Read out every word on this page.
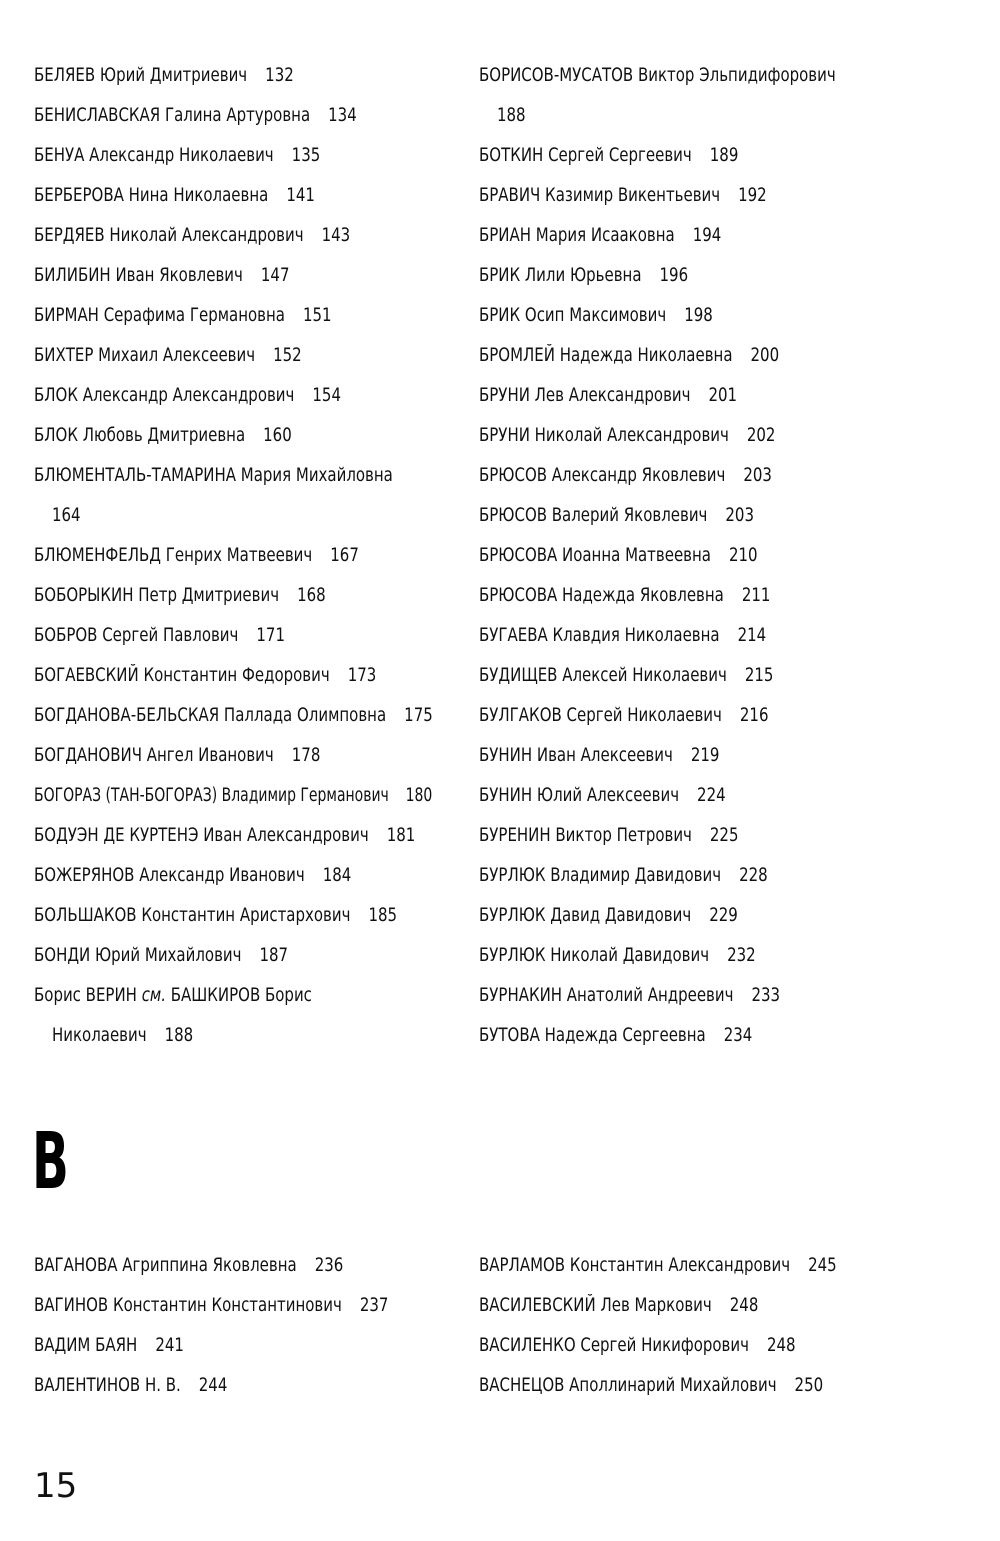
БЕЛЯЕВ Юрий Дмитриевич 132
БЕНИСЛАВСКАЯ Галина Артуровна 134
БЕНУА Александр Николаевич 135
БЕРБЕРОВА Нина Николаевна 141
БЕРДЯЕВ Николай Александрович 143
БИЛИБИН Иван Яковлевич 147
БИРМАН Серафима Германовна 151
БИХТЕР Михаил Алексеевич 152
БЛОК Александр Александрович 154
БЛОК Любовь Дмитриевна 160
БЛЮМЕНТАЛЬ-ТАМАРИНА Мария Михайловна
164
БЛЮМЕНФЕЛЬД Генрих Матвеевич 167
БОБОРЫКИН Петр Дмитриевич 168
БОБРОВ Сергей Павлович 171
БОГАЕВСКИЙ Константин Федорович 173
БОГДАНОВА-БЕЛЬСКАЯ Паллада Олимповна 175
БОГДАНОВИЧ Ангел Иванович 178
БОГОРАЗ (ТАН-БОГОРАЗ) Владимир Германович 180
БОДУЭН ДЕ КУРТЕНЭ Иван Александрович 181
БОЖЕРЯНОВ Александр Иванович 184
БОЛЬШАКОВ Константин Аристархович 185
БОНДИ Юрий Михайлович 187
Борис ВЕРИН см. БАШКИРОВ Борис
Николаевич 188
БОРИСОВ-МУСАТОВ Виктор Эльпидифорович
188
БОТКИН Сергей Сергеевич 189
БРАВИЧ Казимир Викентьевич 192
БРИАН Мария Исааковна 194
БРИК Лили Юрьевна 196
БРИК Осип Максимович 198
БРОМЛЕЙ Надежда Николаевна 200
БРУНИ Лев Александрович 201
БРУНИ Николай Александрович 202
БРЮСОВ Александр Яковлевич 203
БРЮСОВ Валерий Яковлевич 203
БРЮСОВА Иоанна Матвеевна 210
БРЮСОВА Надежда Яковлевна 211
БУГАЕВА Клавдия Николаевна 214
БУДИЩЕВ Алексей Николаевич 215
БУЛГАКОВ Сергей Николаевич 216
БУНИН Иван Алексеевич 219
БУНИН Юлий Алексеевич 224
БУРЕНИН Виктор Петрович 225
БУРЛЮК Владимир Давидович 228
БУРЛЮК Давид Давидович 229
БУРЛЮК Николай Давидович 232
БУРНАКИН Анатолий Андреевич 233
БУТОВА Надежда Сергеевна 234
В
ВАГАНОВА Агриппина Яковлевна 236
ВАГИНОВ Константин Константинович 237
ВАДИМ БАЯН 241
ВАЛЕНТИНОВ Н. В. 244
ВАРЛАМОВ Константин Александрович 245
ВАСИЛЕВСКИЙ Лев Маркович 248
ВАСИЛЕНКО Сергей Никифорович 248
ВАСНЕЦОВ Аполлинарий Михайлович 250
15
